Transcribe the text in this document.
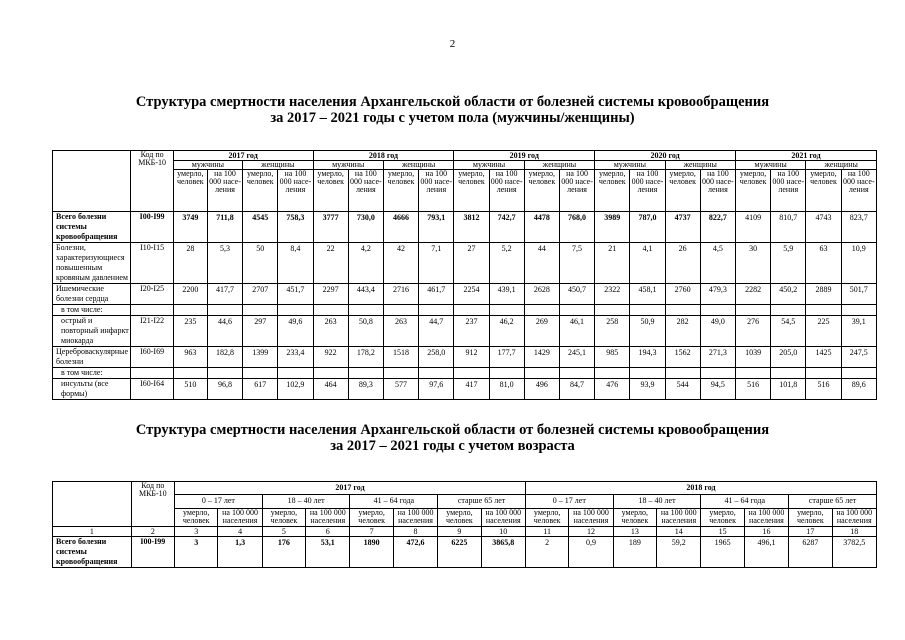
2
Структура смертности населения Архангельской области от болезней системы кровообращения
за 2017 – 2021 годы с учетом пола (мужчины/женщины)
	Код по МКБ-10	2017 год				2018 год				2019 год				2020 год				2021 год			
		мужчины		женщины		мужчины		женщины		мужчины		женщины		мужчины		женщины		мужчины		женщины	
		умерло, человек	на 100 000 насе- ления	умерло, человек	на 100 000 насе- ления	умерло, человек	на 100 000 насе- ления	умерло, человек	на 100 000 насе- ления	умерло, человек	на 100 000 насе- ления	умерло, человек	на 100 000 насе- ления	умерло, человек	на 100 000 насе- ления	умерло, человек	на 100 000 насе- ления	умерло, человек	на 100 000 насе- ления	умерло, человек	на 100 000 насе- ления
Всего болезни системы кровообращения	I00-I99	3749	711,8	4545	758,3	3777	730,0	4666	793,1	3812	742,7	4478	768,0	3989	787,0	4737	822,7	4109	810,7	4743	823,7
Болезни, характеризующиеся повышенным кровяным давлением	I10-I15	28	5,3	50	8,4	22	4,2	42	7,1	27	5,2	44	7,5	21	4,1	26	4,5	30	5,9	63	10,9
Ишемические болезни сердца	I20-I25	2200	417,7	2707	451,7	2297	443,4	2716	461,7	2254	439,1	2628	450,7	2322	458,1	2760	479,3	2282	450,2	2889	501,7
в том числе:																					
острый и повторный инфаркт миокарда	I21-I22	235	44,6	297	49,6	263	50,8	263	44,7	237	46,2	269	46,1	258	50,9	282	49,0	276	54,5	225	39,1
Цереброваскулярные болезни	I60-I69	963	182,8	1399	233,4	922	178,2	1518	258,0	912	177,7	1429	245,1	985	194,3	1562	271,3	1039	205,0	1425	247,5
в том числе:																					
инсульты (все формы)	I60-I64	510	96,8	617	102,9	464	89,3	577	97,6	417	81,0	496	84,7	476	93,9	544	94,5	516	101,8	516	89,6
Структура смертности населения Архангельской области от болезней системы кровообращения
за 2017 – 2021 годы с учетом возраста
	Код по МКБ-10	2017 год								2018 год							
		0 – 17 лет		18 – 40 лет		41 – 64 года		старше 65 лет		0 – 17 лет		18 – 40 лет		41 – 64 года		старше 65 лет	
		умерло, человек	на 100 000 населения	умерло, человек	на 100 000 населения	умерло, человек	на 100 000 населения	умерло, человек	на 100 000 населения	умерло, человек	на 100 000 населения	умерло, человек	на 100 000 населения	умерло, человек	на 100 000 населения	умерло, человек	на 100 000 населения
1	2	3	4	5	6	7	8	9	10	11	12	13	14	15	16	17	18
Всего болезни системы кровообращения	I00-I99	3	1,3	176	53,1	1890	472,6	6225	3865,8	2	0,9	189	59,2	1965	496,1	6287	3782,5
